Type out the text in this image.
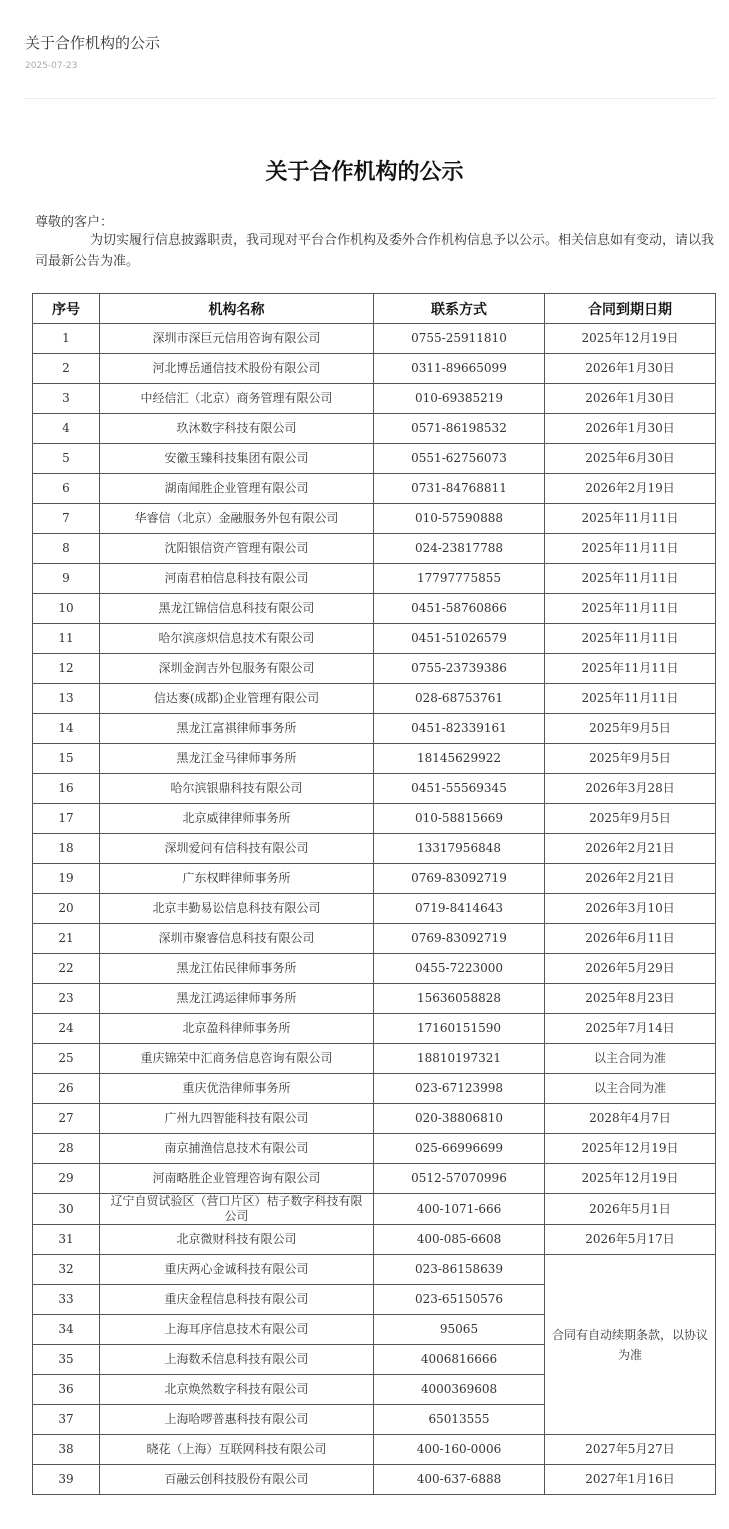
关于合作机构的公示
2025-07-23
关于合作机构的公示
尊敬的客户：

为切实履行信息披露职责，我司现对平台合作机构及委外合作机构信息予以公示。相关信息如有变动，请以我司最新公告为准。

序号	机构名称	联系方式	合同到期日期
1	深圳市深巨元信用咨询有限公司	0755-25911810	2025年12月19日
2	河北博岳通信技术股份有限公司	0311-89665099	2026年1月30日
3	中经信汇（北京）商务管理有限公司	010-69385219	2026年1月30日
4	玖沐数字科技有限公司	0571-86198532	2026年1月30日
5	安徽玉臻科技集团有限公司	0551-62756073	2025年6月30日
6	湖南闻胜企业管理有限公司	0731-84768811	2026年2月19日
7	华睿信（北京）金融服务外包有限公司	010-57590888	2025年11月11日
8	沈阳银信资产管理有限公司	024-23817788	2025年11月11日
9	河南君柏信息科技有限公司	17797775855	2025年11月11日
10	黑龙江锦信信息科技有限公司	0451-58760866	2025年11月11日
11	哈尔滨彦炽信息技术有限公司	0451-51026579	2025年11月11日
12	深圳金润吉外包服务有限公司	0755-23739386	2025年11月11日
13	信达麥(成都)企业管理有限公司	028-68753761	2025年11月11日
14	黑龙江富祺律师事务所	0451-82339161	2025年9月5日
15	黑龙江金马律师事务所	18145629922	2025年9月5日
16	哈尔滨银鼎科技有限公司	0451-55569345	2026年3月28日
17	北京威律律师事务所	010-58815669	2025年9月5日
18	深圳爱问有信科技有限公司	13317956848	2026年2月21日
19	广东权畔律师事务所	0769-83092719	2026年2月21日
20	北京丰勤易讼信息科技有限公司	0719-8414643	2026年3月10日
21	深圳市聚睿信息科技有限公司	0769-83092719	2026年6月11日
22	黑龙江佑民律师事务所	0455-7223000	2026年5月29日
23	黑龙江鸿运律师事务所	15636058828	2025年8月23日
24	北京盈科律师事务所	17160151590	2025年7月14日
25	重庆锦荣中汇商务信息咨询有限公司	18810197321	以主合同为准
26	重庆优浩律师事务所	023-67123998	以主合同为准
27	广州九四智能科技有限公司	020-38806810	2028年4月7日
28	南京捕渔信息技术有限公司	025-66996699	2025年12月19日
29	河南略胜企业管理咨询有限公司	0512-57070996	2025年12月19日
30	辽宁自贸试验区（营口片区）桔子数字科技有限公司	400-1071-666	2026年5月1日
31	北京微财科技有限公司	400-085-6608	2026年5月17日
32	重庆两心金诚科技有限公司	023-86158639	合同有自动续期条款，以协议为准
33	重庆金程信息科技有限公司	023-65150576	
34	上海耳序信息技术有限公司	95065	
35	上海数禾信息科技有限公司	4006816666	
36	北京焕然数字科技有限公司	4000369608	
37	上海哈啰普惠科技有限公司	65013555	
38	晓花（上海）互联网科技有限公司	400-160-0006	2027年5月27日
39	百融云创科技股份有限公司	400-637-6888	2027年1月16日
